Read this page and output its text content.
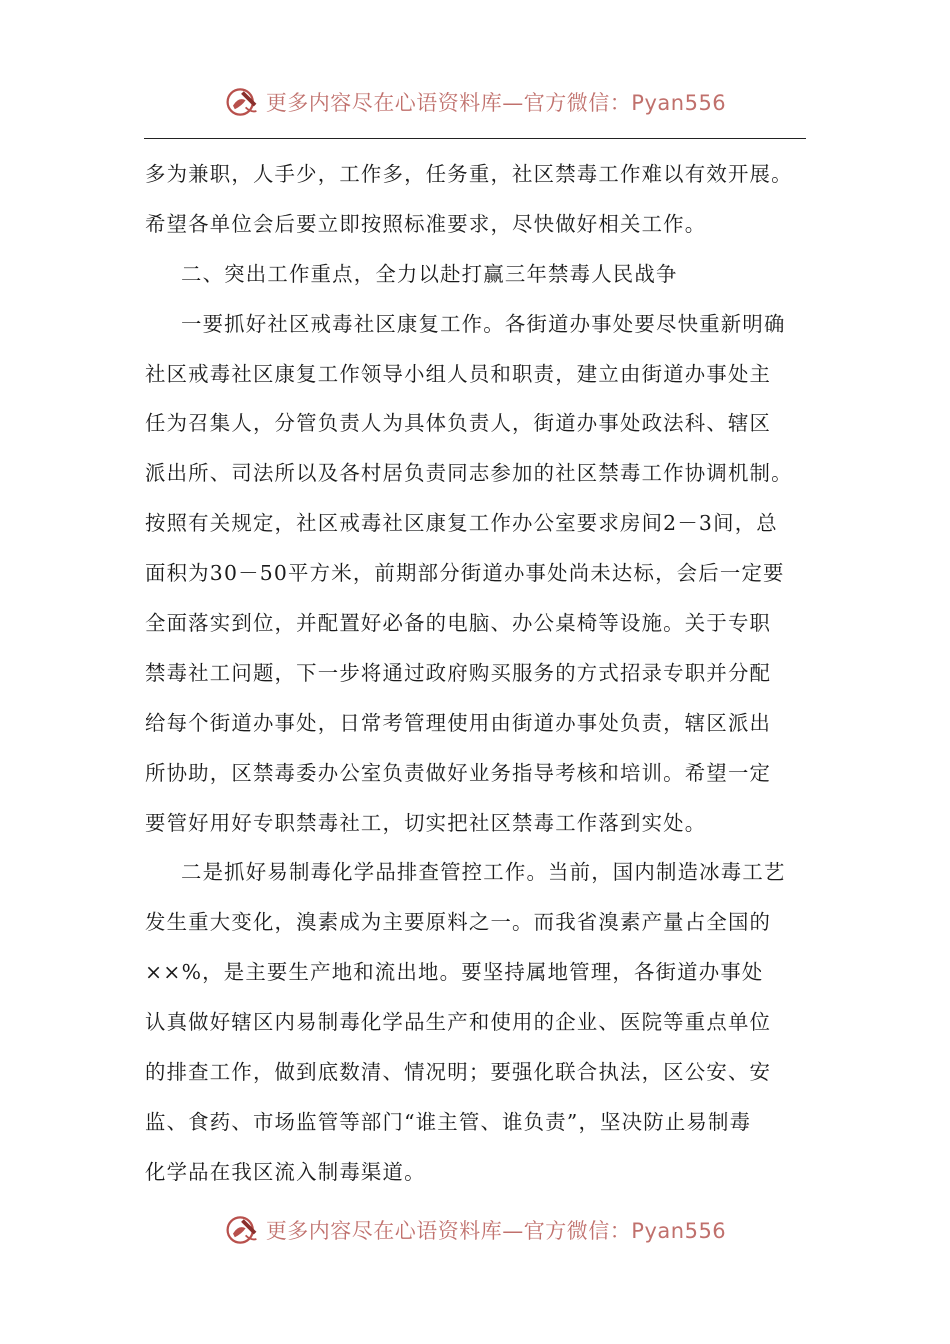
更多内容尽在心语资料库—官方微信：Pyan556
多为兼职，人手少，工作多，任务重，社区禁毒工作难以有效开展。
希望各单位会后要立即按照标准要求，尽快做好相关工作。
二、突出工作重点，全力以赴打赢三年禁毒人民战争
一要抓好社区戒毒社区康复工作。各街道办事处要尽快重新明确
社区戒毒社区康复工作领导小组人员和职责，建立由街道办事处主
任为召集人，分管负责人为具体负责人，街道办事处政法科、辖区
派出所、司法所以及各村居负责同志参加的社区禁毒工作协调机制。
按照有关规定，社区戒毒社区康复工作办公室要求房间2－3间，总
面积为30－50平方米，前期部分街道办事处尚未达标，会后一定要
全面落实到位，并配置好必备的电脑、办公桌椅等设施。关于专职
禁毒社工问题，下一步将通过政府购买服务的方式招录专职并分配
给每个街道办事处，日常考管理使用由街道办事处负责，辖区派出
所协助，区禁毒委办公室负责做好业务指导考核和培训。希望一定
要管好用好专职禁毒社工，切实把社区禁毒工作落到实处。
二是抓好易制毒化学品排查管控工作。当前，国内制造冰毒工艺
发生重大变化，溴素成为主要原料之一。而我省溴素产量占全国的
××%，是主要生产地和流出地。要坚持属地管理，各街道办事处
认真做好辖区内易制毒化学品生产和使用的企业、医院等重点单位
的排查工作，做到底数清、情况明；要强化联合执法，区公安、安
监、食药、市场监管等部门“谁主管、谁负责”，坚决防止易制毒
化学品在我区流入制毒渠道。
更多内容尽在心语资料库—官方微信：Pyan556
